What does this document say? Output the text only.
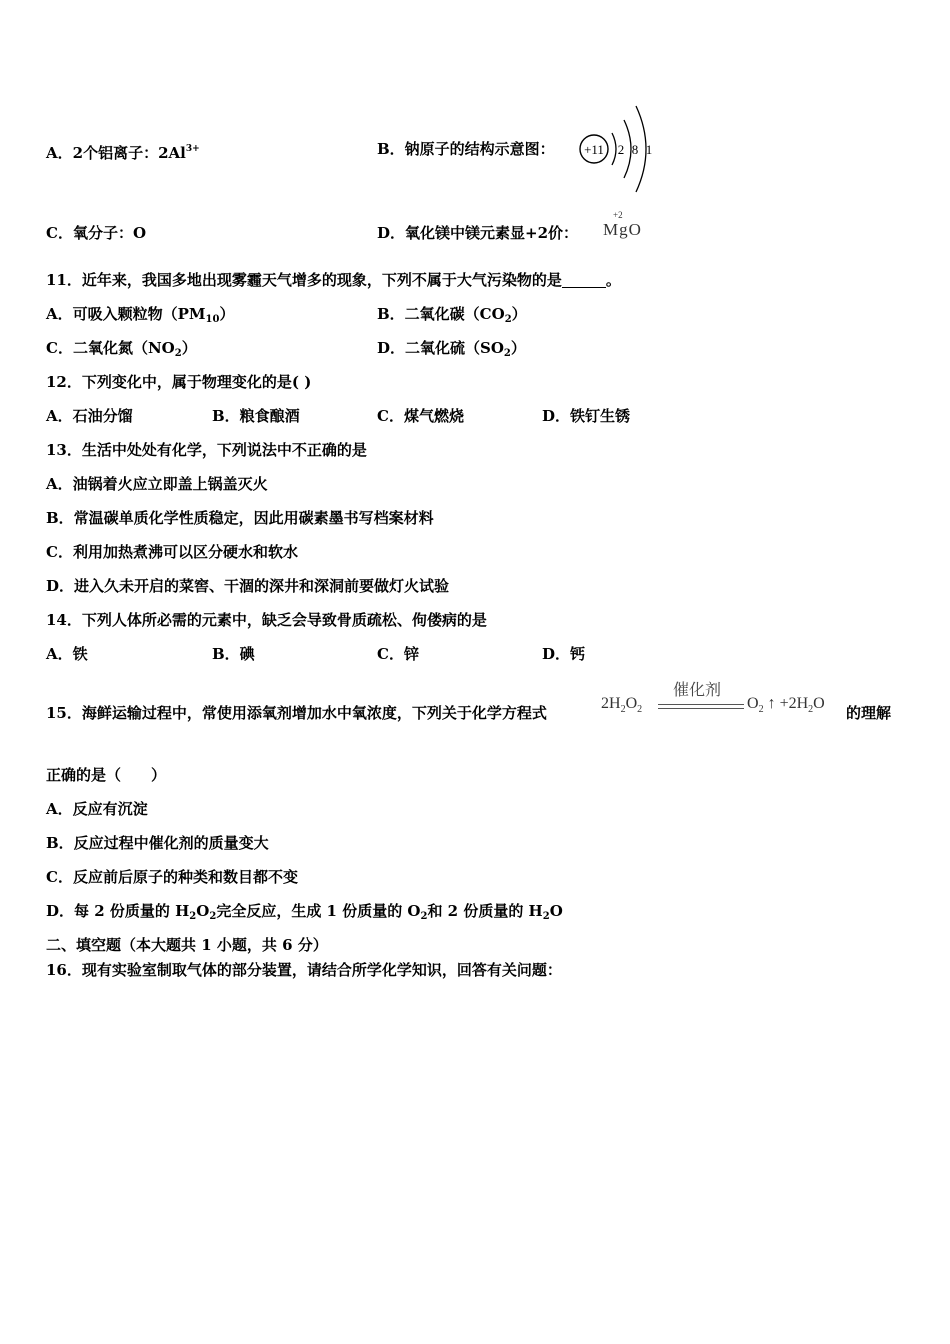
A．2个铝离子：$2Al^{3+}$	B．钠原子的结构示意图： +11 2 8 1
C．氧分子：O	D．氧化镁中镁元素显+2价：
+2
MgO
11．近年来，我国多地出现雾霾天气增多的现象，下列不属于大气污染物的是	。
A．可吸入颗粒物$(PM_{10})$	B．二氧化碳$(CO_2)$
C．二氧化氮$(NO_2)$	D．二氧化硫$(SO_2)$
12．下列变化中，属于物理变化的是( )
A．石油分馏	B．粮食酿酒	C．煤气燃烧	D．铁钉生锈
13．生活中处处有化学，下列说法中不正确的是
A．油锅着火应立即盖上锅盖灭火
B．常温碳单质化学性质稳定，因此用碳素墨书写档案材料
C．利用加热煮沸可以区分硬水和软水
D．进入久未开启的菜窖、干涸的深井和深洞前要做灯火试验
14．下列人体所必需的元素中，缺乏会导致骨质疏松、佝偻病的是
A．铁	B．碘	C．锌	D．钙
15．海鲜运输过程中，常使用添氧剂增加水中氧浓度，下列关于化学方程式
$2H_2O_2$
催化剂
$O_2$ ↑ $+2H_2O$
的理解
正确的是（　　）
A．反应有沉淀
B．反应过程中催化剂的质量变大
C．反应前后原子的种类和数目都不变
D．每 2 份质量的 $H_2O_2$完全反应，生成 1 份质量的 $O_2$和 2 份质量的 $H_2O$
二、填空题（本大题共 1 小题，共 6 分）
16．现有实验室制取气体的部分装置，请结合所学化学知识，回答有关问题：
